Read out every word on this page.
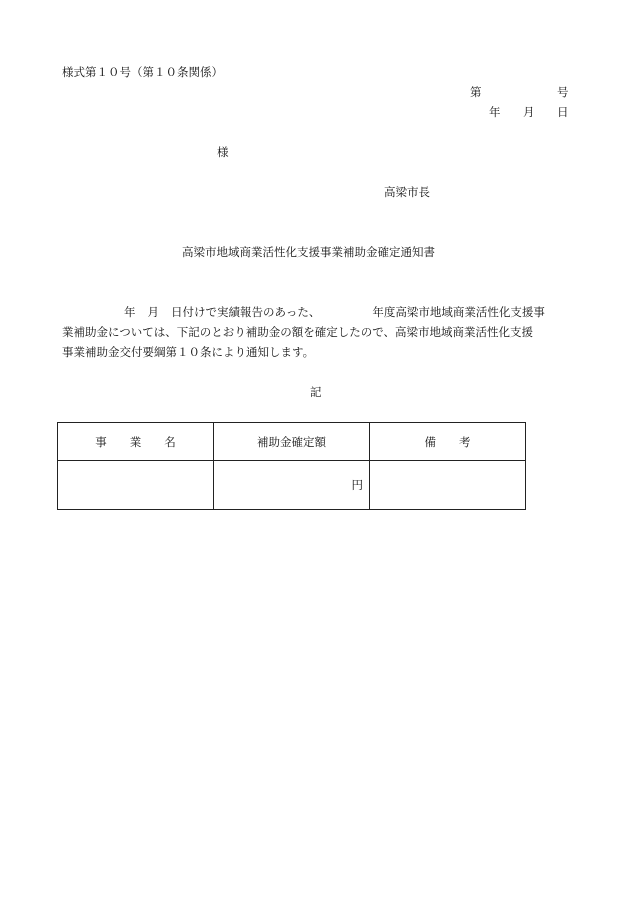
様式第１０号（第１０条関係）
第	号
年 月 日
様
高梁市長
高梁市地域商業活性化支援事業補助金確定通知書
年 月 日付けで実績報告のあった、	年度高梁市地域商業活性化支援事
業補助金については、下記のとおり補助金の額を確定したので、高梁市地域商業活性化支援
事業補助金交付要綱第１０条により通知します。
記
事　　業　　名	補助金確定額	備　　考
	円	
